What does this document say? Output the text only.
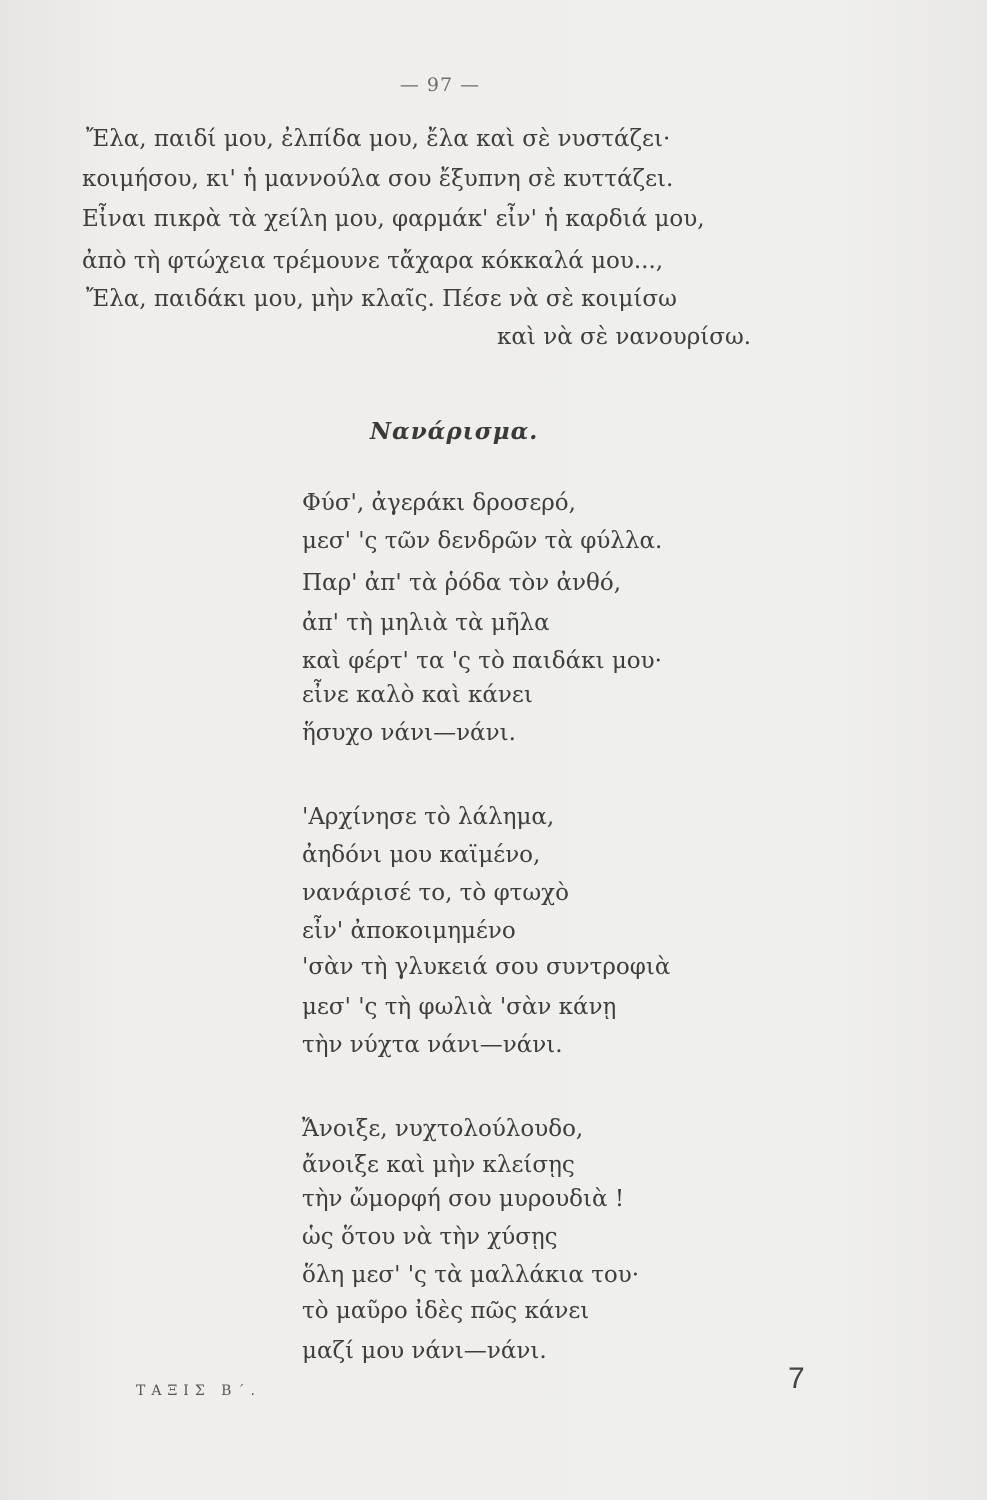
— 97 —
Ἔλα, παιδί μου, ἐλπίδα μου, ἔλα καὶ σὲ νυστάζει·
κοιμήσου, κι' ἡ μαννούλα σου ἔξυπνη σὲ κυττάζει.
Εἶναι πικρὰ τὰ χείλη μου, φαρμάκ' εἶν' ἡ καρδιά μου,
ἀπὸ τὴ φτώχεια τρέμουνε τἄχαρα κόκκαλά μου...,
Ἔλα, παιδάκι μου, μὴν κλαῖς. Πέσε νὰ σὲ κοιμίσω
καὶ νὰ σὲ νανουρίσω.
Νανάρισμα.
Φύσ', ἀγεράκι δροσερό,
μεσ' 'ς τῶν δενδρῶν τὰ φύλλα.
Παρ' ἀπ' τὰ ῥόδα τὸν ἀνθό,
ἀπ' τὴ μηλιὰ τὰ μῆλα
καὶ φέρτ' τα 'ς τὸ παιδάκι μου·
εἶνε καλὸ καὶ κάνει
ἥσυχο νάνι—νάνι.
'Αρχίνησε τὸ λάλημα,
ἀηδόνι μου καϊμένο,
νανάρισέ το, τὸ φτωχὸ
εἶν' ἀποκοιμημένο
'σὰν τὴ γλυκειά σου συντροφιὰ
μεσ' 'ς τὴ φωλιὰ 'σὰν κάνῃ
τὴν νύχτα νάνι—νάνι.
Ἄνοιξε, νυχτολούλουδο,
ἄνοιξε καὶ μὴν κλείσῃς
τὴν ὤμορφή σου μυρουδιὰ !
ὡς ὅτου νὰ τὴν χύσῃς
ὅλη μεσ' 'ς τὰ μαλλάκια του·
τὸ μαῦρο ἰδὲς πῶς κάνει
μαζί μου νάνι—νάνι.
ΤΑΞΙΣ Β΄.	7
